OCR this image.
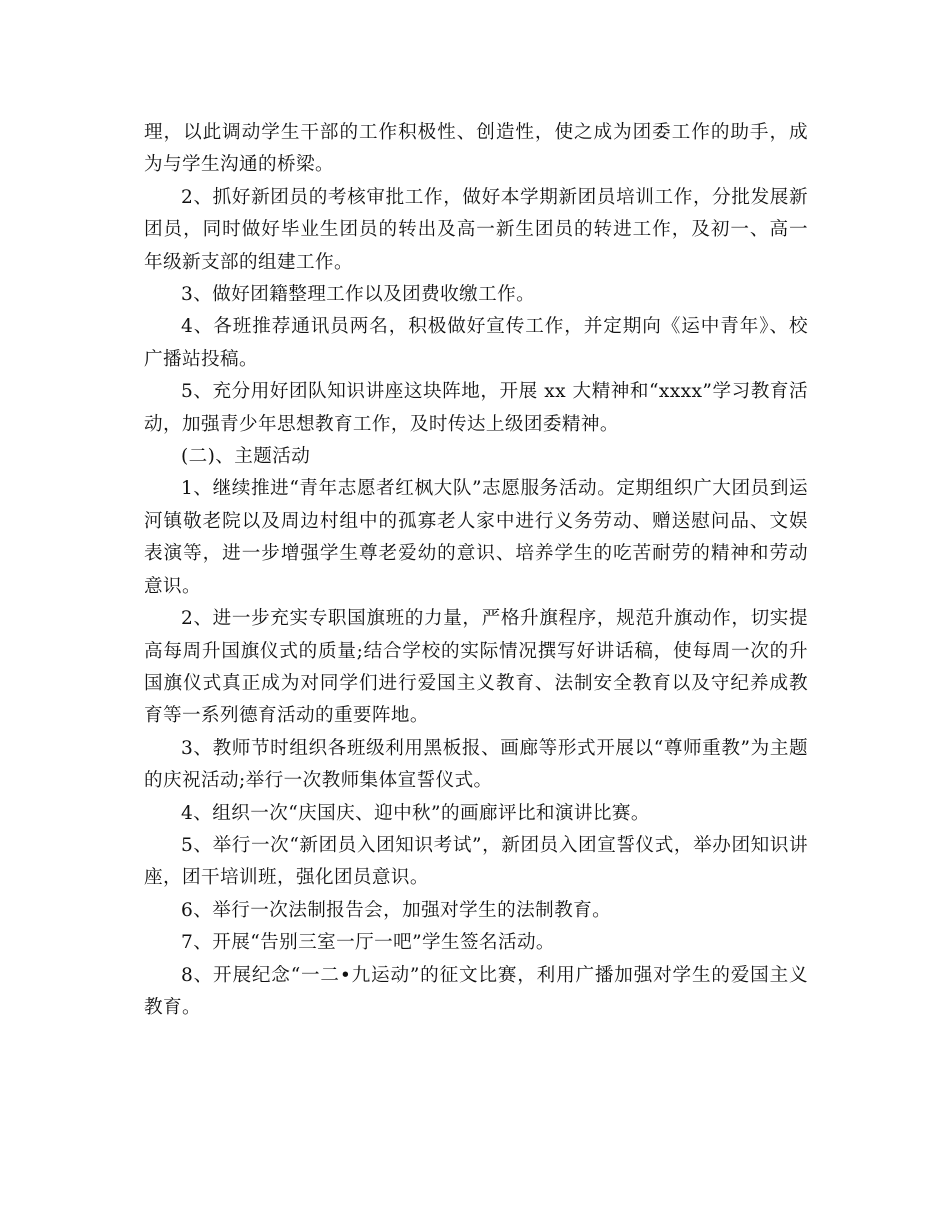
理，以此调动学生干部的工作积极性、创造性，使之成为团委工作的助手，成为与学生沟通的桥梁。

2、抓好新团员的考核审批工作，做好本学期新团员培训工作，分批发展新团员，同时做好毕业生团员的转出及高一新生团员的转进工作，及初一、高一年级新支部的组建工作。

3、做好团籍整理工作以及团费收缴工作。

4、各班推荐通讯员两名，积极做好宣传工作，并定期向《运中青年》、校广播站投稿。

5、充分用好团队知识讲座这块阵地，开展 xx 大精神和“xxxx”学习教育活动，加强青少年思想教育工作，及时传达上级团委精神。

(二)、主题活动

1、继续推进“青年志愿者红枫大队”志愿服务活动。定期组织广大团员到运河镇敬老院以及周边村组中的孤寡老人家中进行义务劳动、赠送慰问品、文娱表演等，进一步增强学生尊老爱幼的意识、培养学生的吃苦耐劳的精神和劳动意识。

2、进一步充实专职国旗班的力量，严格升旗程序，规范升旗动作，切实提高每周升国旗仪式的质量;结合学校的实际情况撰写好讲话稿，使每周一次的升国旗仪式真正成为对同学们进行爱国主义教育、法制安全教育以及守纪养成教育等一系列德育活动的重要阵地。

3、教师节时组织各班级利用黑板报、画廊等形式开展以“尊师重教”为主题的庆祝活动;举行一次教师集体宣誓仪式。

4、组织一次“庆国庆、迎中秋”的画廊评比和演讲比赛。

5、举行一次“新团员入团知识考试”，新团员入团宣誓仪式，举办团知识讲座，团干培训班，强化团员意识。

6、举行一次法制报告会，加强对学生的法制教育。

7、开展“告别三室一厅一吧”学生签名活动。

8、开展纪念“一二•九运动”的征文比赛，利用广播加强对学生的爱国主义教育。
